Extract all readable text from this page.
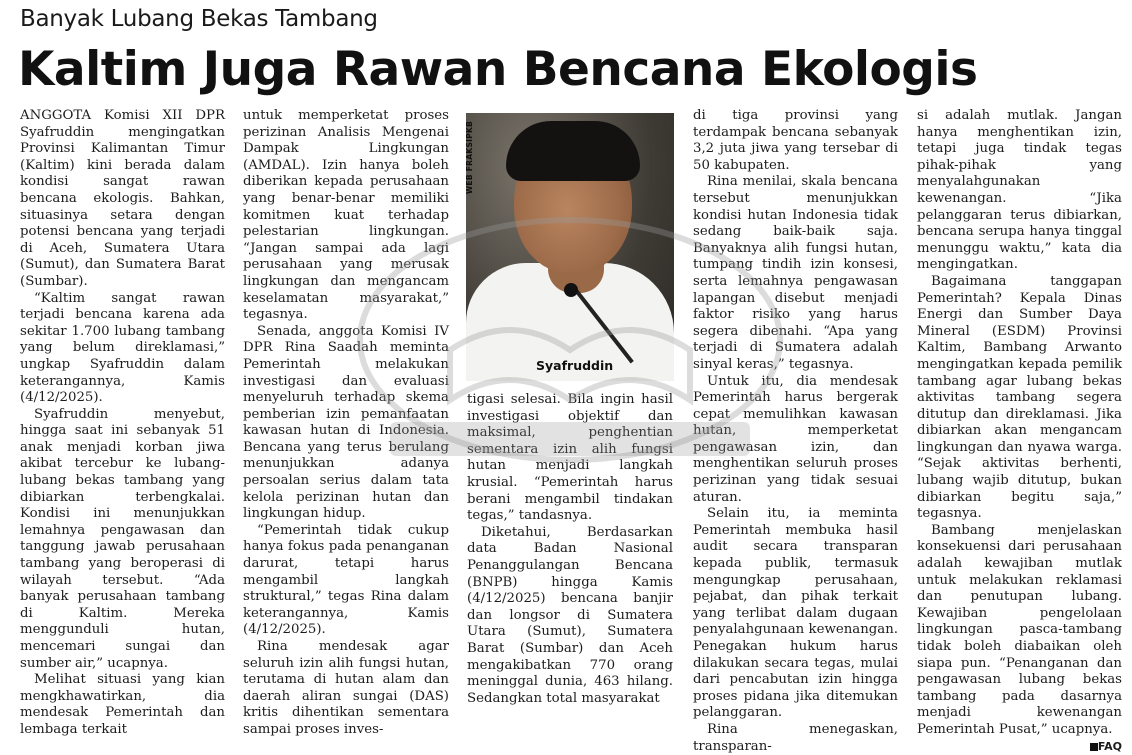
Banyak Lubang Bekas Tambang
Kaltim Juga Rawan Bencana Ekologis

ANGGOTA Komisi XII DPR Syafruddin mengingatkan Provinsi Kalimantan Timur (Kaltim) kini berada dalam kondisi sangat rawan bencana ekologis. Bahkan, situasinya setara dengan potensi bencana yang terjadi di Aceh, Sumatera Utara (Sumut), dan Sumatera Barat (Sumbar).

“Kaltim sangat rawan terjadi bencana karena ada sekitar 1.700 lubang tambang yang belum direklamasi,” ungkap Syafruddin dalam keterangannya, Kamis (4/12/2025).

Syafruddin menyebut, hingga saat ini sebanyak 51 anak menjadi korban jiwa akibat tercebur ke lubang-lubang bekas tambang yang dibiarkan terbengkalai. Kondisi ini menunjukkan lemahnya pengawasan dan tanggung jawab perusahaan tambang yang beroperasi di wilayah tersebut. “Ada banyak perusahaan tambang di Kaltim. Mereka menggunduli hutan, mencemari sungai dan sumber air,” ucapnya.

Melihat situasi yang kian mengkhawatirkan, dia mendesak Pemerintah dan lembaga terkait

untuk memperketat proses perizinan Analisis Mengenai Dampak Lingkungan (AMDAL). Izin hanya boleh diberikan kepada perusahaan yang benar-benar memiliki komitmen kuat terhadap pelestarian lingkungan. “Jangan sampai ada lagi perusahaan yang merusak lingkungan dan mengancam keselamatan masyarakat,” tegasnya.

Senada, anggota Komisi IV DPR Rina Saadah meminta Pemerintah melakukan investigasi dan evaluasi menyeluruh terhadap skema pemberian izin pemanfaatan kawasan hutan di Indonesia. Bencana yang terus berulang menunjukkan adanya persoalan serius dalam tata kelola perizinan hutan dan lingkungan hidup.

“Pemerintah tidak cukup hanya fokus pada penanganan darurat, tetapi harus mengambil langkah struktural,” tegas Rina dalam keterangannya, Kamis (4/12/2025).

Rina mendesak agar seluruh izin alih fungsi hutan, terutama di hutan alam dan daerah aliran sungai (DAS) kritis dihentikan sementara sampai proses inves-

WEB FRAKSIPKB
Syafruddin

tigasi selesai. Bila ingin hasil investigasi objektif dan maksimal, penghentian sementara izin alih fungsi hutan menjadi langkah krusial. “Pemerintah harus berani mengambil tindakan tegas,” tandasnya.

Diketahui, Berdasarkan data Badan Nasional Penanggulangan Bencana (BNPB) hingga Kamis (4/12/2025) bencana banjir dan longsor di Sumatera Utara (Sumut), Sumatera Barat (Sumbar) dan Aceh mengakibatkan 770 orang meninggal dunia, 463 hilang. Sedangkan total masyarakat

di tiga provinsi yang terdampak bencana sebanyak 3,2 juta jiwa yang tersebar di 50 kabupaten.

Rina menilai, skala bencana tersebut menunjukkan kondisi hutan Indonesia tidak sedang baik-baik saja. Banyaknya alih fungsi hutan, tumpang tindih izin konsesi, serta lemahnya pengawasan lapangan disebut menjadi faktor risiko yang harus segera dibenahi. “Apa yang terjadi di Sumatera adalah sinyal keras,” tegasnya.

Untuk itu, dia mendesak Pemerintah harus bergerak cepat memulihkan kawasan hutan, memperketat pengawasan izin, dan menghentikan seluruh proses perizinan yang tidak sesuai aturan.

Selain itu, ia meminta Pemerintah membuka hasil audit secara transparan kepada publik, termasuk mengungkap perusahaan, pejabat, dan pihak terkait yang terlibat dalam dugaan penyalahgunaan kewenangan. Penegakan hukum harus dilakukan secara tegas, mulai dari pencabutan izin hingga proses pidana jika ditemukan pelanggaran.

Rina menegaskan, transparan-

si adalah mutlak. Jangan hanya menghentikan izin, tetapi juga tindak tegas pihak-pihak yang menyalahgunakan kewenangan. “Jika pelanggaran terus dibiarkan, bencana serupa hanya tinggal menunggu waktu,” kata dia mengingatkan.

Bagaimana tanggapan Pemerintah? Kepala Dinas Energi dan Sumber Daya Mineral (ESDM) Provinsi Kaltim, Bambang Arwanto mengingatkan kepada pemilik tambang agar lubang bekas aktivitas tambang segera ditutup dan direklamasi. Jika dibiarkan akan mengancam lingkungan dan nyawa warga. “Sejak aktivitas berhenti, lubang wajib ditutup, bukan dibiarkan begitu saja,” tegasnya.

Bambang menjelaskan konsekuensi dari perusahaan adalah kewajiban mutlak untuk melakukan reklamasi dan penutupan lubang. Kewajiban pengelolaan lingkungan pasca-tambang tidak boleh diabaikan oleh siapa pun. “Penanganan dan pengawasan lubang bekas tambang pada dasarnya menjadi kewenangan Pemerintah Pusat,” ucapnya.

FAQ
